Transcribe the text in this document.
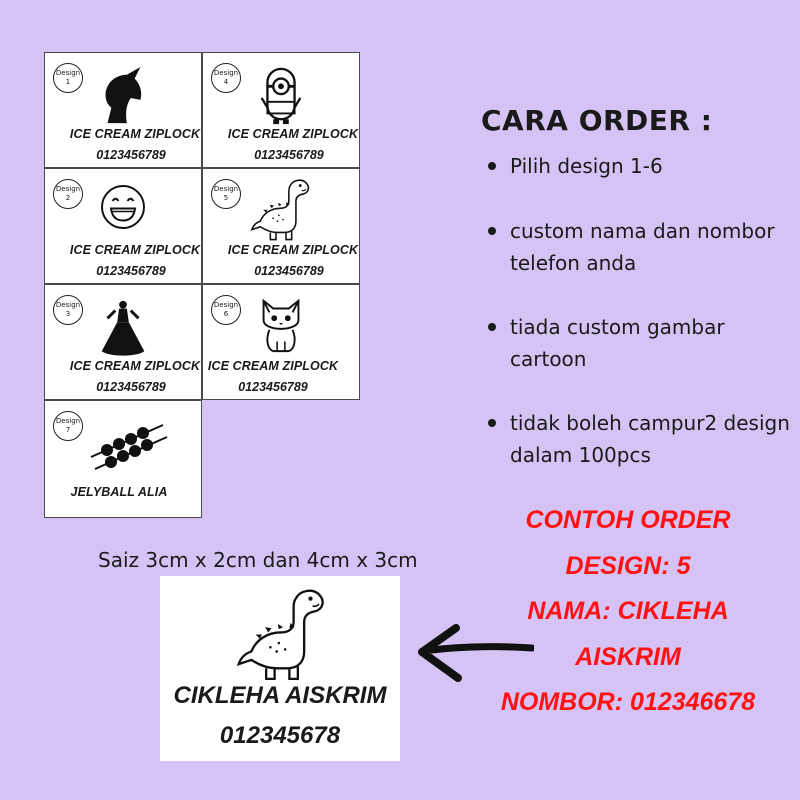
Design
1
ICE CREAM ZIPLOCK
0123456789
Design
4
ICE CREAM ZIPLOCK
0123456789
Design
2
ICE CREAM ZIPLOCK
0123456789
Design
5
ICE CREAM ZIPLOCK
0123456789
Design
3
ICE CREAM ZIPLOCK
0123456789
Design
6
ICE CREAM ZIPLOCK
0123456789
Design
7
JELYBALL ALIA
CARA ORDER :
Pilih design 1-6
custom nama dan nombor telefon anda
tiada custom gambar cartoon
tidak boleh campur2 design dalam 100pcs
Saiz 3cm x 2cm dan 4cm x 3cm
CIKLEHA AISKRIM
012345678
CONTOH ORDER
DESIGN: 5
NAMA: CIKLEHA
AISKRIM
NOMBOR: 012346678
